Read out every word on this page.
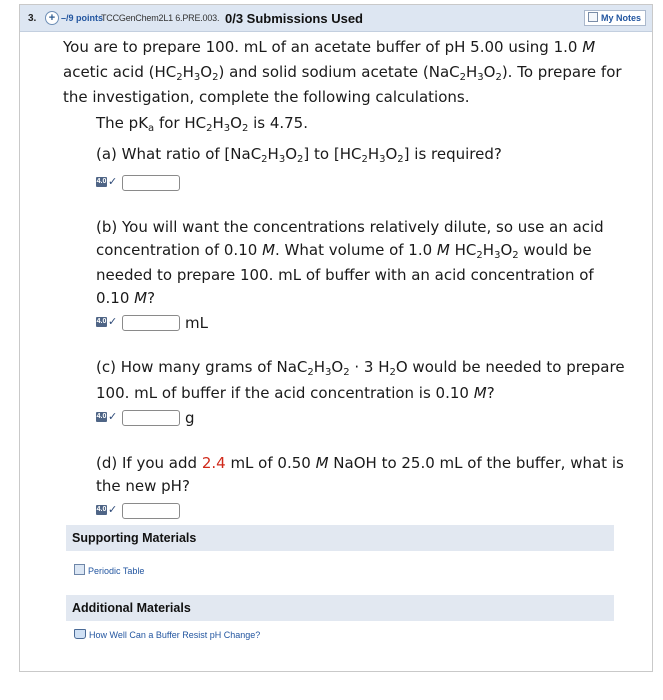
3.	+ –/9 points
TCCGenChem2L1 6.PRE.003. 0/3 Submissions Used	My Notes
You are to prepare 100. mL of an acetate buffer of pH 5.00 using 1.0 M
acetic acid $(HC_2H_3O_2)$ and solid sodium acetate $(NaC_2H_3O_2)$. To prepare for
the investigation, complete the following calculations.
The $pK_a$ for $HC_2H_3O_2$ is 4.75.
(a) What ratio of $[NaC_2H_3O_2]$ to $[HC_2H_3O_2]$ is required?
4.0 ✓
(b) You will want the concentrations relatively dilute, so use an acid
concentration of 0.10 M. What volume of 1.0 M $HC_2H_3O_2$ would be
needed to prepare 100. mL of buffer with an acid concentration of
0.10 M?
4.0 ✓	mL
(c) How many grams of $NaC_2H_3O_2 \cdot 3$ $H_2O$ would be needed to prepare
100. mL of buffer if the acid concentration is 0.10 M?
4.0 ✓	g
(d) If you add 2.4 mL of 0.50 M NaOH to 25.0 mL of the buffer, what is
the new pH?
4.0 ✓
Supporting Materials
Periodic Table
Additional Materials
How Well Can a Buffer Resist pH Change?
